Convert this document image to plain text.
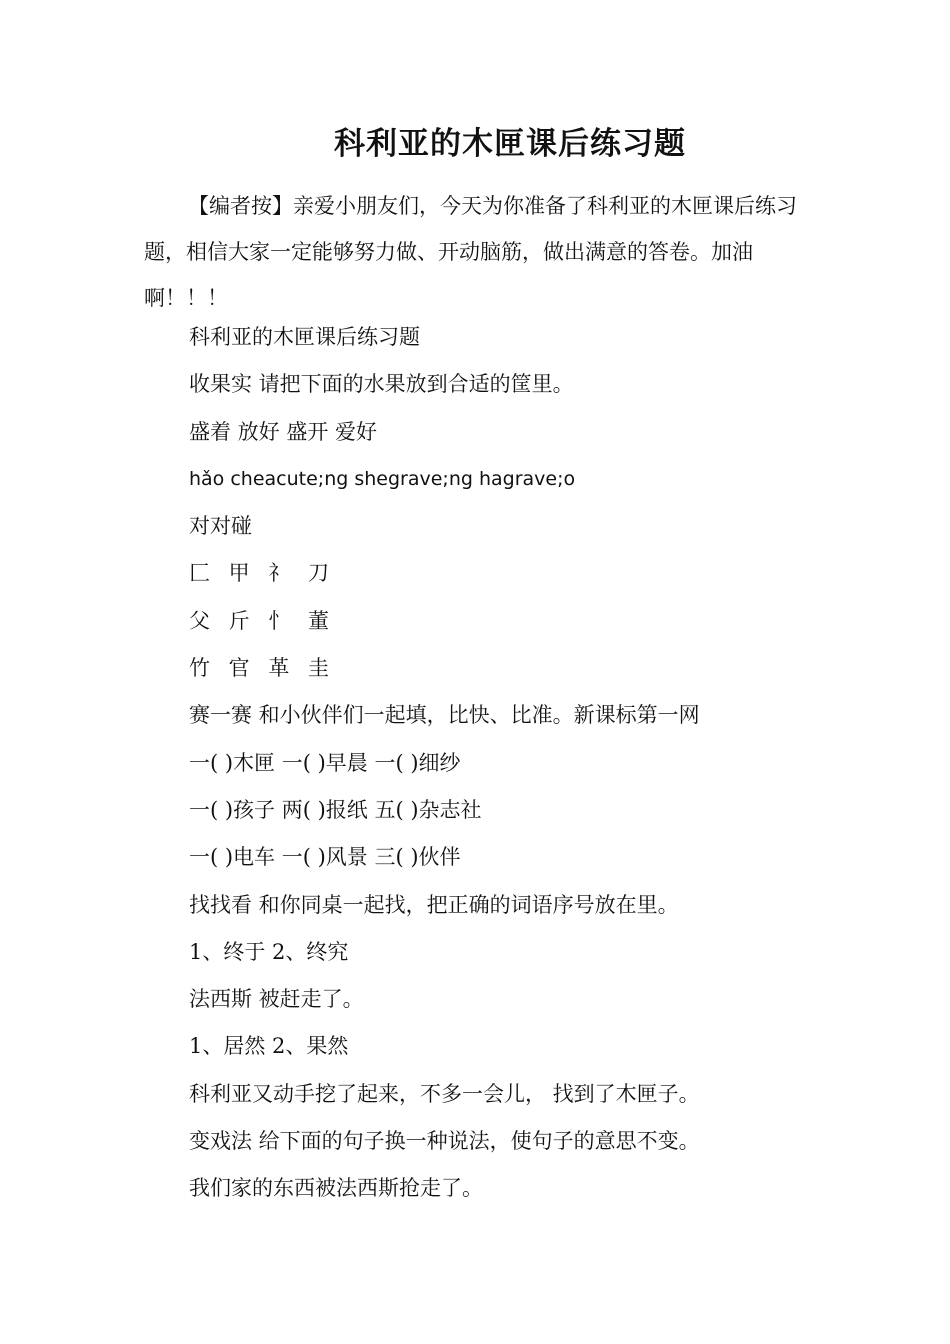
科利亚的木匣课后练习题

【编者按】亲爱小朋友们，今天为你准备了科利亚的木匣课后练习题，相信大家一定能够努力做、开动脑筋，做出满意的答卷。加油啊！！！

科利亚的木匣课后练习题
收果实 请把下面的水果放到合适的筐里。
盛着 放好 盛开 爱好
hǎo cheacute;ng shegrave;ng hagrave;o
对对碰
匚 甲 礻 刀
父 斤 忄 董
竹 官 革 圭
赛一赛 和小伙伴们一起填，比快、比准。新课标第一网
一( )木匣 一( )早晨 一( )细纱
一( )孩子 两( )报纸 五( )杂志社
一( )电车 一( )风景 三( )伙伴
找找看 和你同桌一起找，把正确的词语序号放在里。
1、终于 2、终究
法西斯 被赶走了。
1、居然 2、果然
科利亚又动手挖了起来，不多一会儿， 找到了木匣子。
变戏法 给下面的句子换一种说法，使句子的意思不变。
我们家的东西被法西斯抢走了。
